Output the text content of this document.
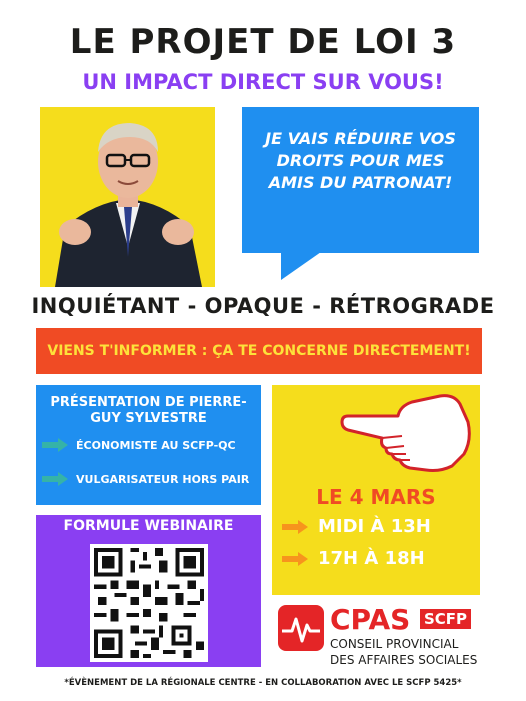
LE PROJET DE LOI 3
UN IMPACT DIRECT SUR VOUS!
JE VAIS RÉDUIRE VOS DROITS POUR MES AMIS DU PATRONAT!
INQUIÉTANT - OPAQUE - RÉTROGRADE
VIENS T'INFORMER : ÇA TE CONCERNE DIRECTEMENT!
PRÉSENTATION DE PIERRE-GUY SYLVESTRE
ÉCONOMISTE AU SCFP-QC
VULGARISATEUR HORS PAIR
FORMULE WEBINAIRE
LE 4 MARS
MIDI À 13H
17H À 18H
CPAS SCFP
CONSEIL PROVINCIAL
DES AFFAIRES SOCIALES
*ÉVÈNEMENT DE LA RÉGIONALE CENTRE - EN COLLABORATION AVEC LE SCFP 5425*
